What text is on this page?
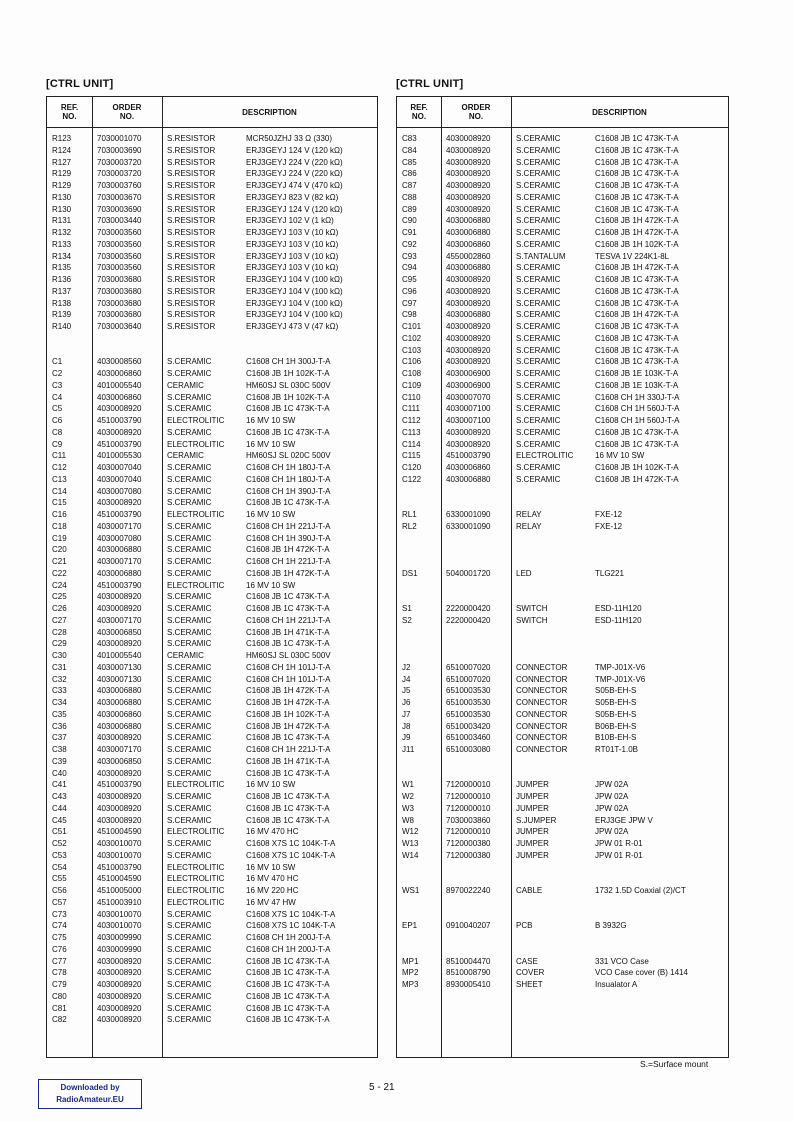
[CTRL UNIT]
REF.
NO.
ORDER
NO.	DESCRIPTION
R123	7030001070	S.RESISTOR	MCR50JZHJ 33 Ω (330)
R124	7030003690	S.RESISTOR	ERJ3GEYJ 124 V (120 kΩ)
R127	7030003720	S.RESISTOR	ERJ3GEYJ 224 V (220 kΩ)
R129	7030003720	S.RESISTOR	ERJ3GEYJ 224 V (220 kΩ)
R129	7030003760	S.RESISTOR	ERJ3GEYJ 474 V (470 kΩ)
R130	7030003670	S.RESISTOR	ERJ3GEYJ 823 V (82 kΩ)
R130	7030003690	S.RESISTOR	ERJ3GEYJ 124 V (120 kΩ)
R131	7030003440	S.RESISTOR	ERJ3GEYJ 102 V (1 kΩ)
R132	7030003560	S.RESISTOR	ERJ3GEYJ 103 V (10 kΩ)
R133	7030003560	S.RESISTOR	ERJ3GEYJ 103 V (10 kΩ)
R134	7030003560	S.RESISTOR	ERJ3GEYJ 103 V (10 kΩ)
R135	7030003560	S.RESISTOR	ERJ3GEYJ 103 V (10 kΩ)
R136	7030003680	S.RESISTOR	ERJ3GEYJ 104 V (100 kΩ)
R137	7030003680	S.RESISTOR	ERJ3GEYJ 104 V (100 kΩ)
R138	7030003680	S.RESISTOR	ERJ3GEYJ 104 V (100 kΩ)
R139	7030003680	S.RESISTOR	ERJ3GEYJ 104 V (100 kΩ)
R140	7030003640	S.RESISTOR	ERJ3GEYJ 473 V (47 kΩ)
C1	4030008560	S.CERAMIC	C1608 CH 1H 300J-T-A
C2	4030006860	S.CERAMIC	C1608 JB 1H 102K-T-A
C3	4010005540	CERAMIC	HM60SJ SL 030C 500V
C4	4030006860	S.CERAMIC	C1608 JB 1H 102K-T-A
C5	4030008920	S.CERAMIC	C1608 JB 1C 473K-T-A
C6	4510003790	ELECTROLITIC	16 MV 10 SW
C8	4030008920	S.CERAMIC	C1608 JB 1C 473K-T-A
C9	4510003790	ELECTROLITIC	16 MV 10 SW
C11	4010005530	CERAMIC	HM60SJ SL 020C 500V
C12	4030007040	S.CERAMIC	C1608 CH 1H 180J-T-A
C13	4030007040	S.CERAMIC	C1608 CH 1H 180J-T-A
C14	4030007080	S.CERAMIC	C1608 CH 1H 390J-T-A
C15	4030008920	S.CERAMIC	C1608 JB 1C 473K-T-A
C16	4510003790	ELECTROLITIC	16 MV 10 SW
C18	4030007170	S.CERAMIC	C1608 CH 1H 221J-T-A
C19	4030007080	S.CERAMIC	C1608 CH 1H 390J-T-A
C20	4030006880	S.CERAMIC	C1608 JB 1H 472K-T-A
C21	4030007170	S.CERAMIC	C1608 CH 1H 221J-T-A
C22	4030006880	S.CERAMIC	C1608 JB 1H 472K-T-A
C24	4510003790	ELECTROLITIC	16 MV 10 SW
C25	4030008920	S.CERAMIC	C1608 JB 1C 473K-T-A
C26	4030008920	S.CERAMIC	C1608 JB 1C 473K-T-A
C27	4030007170	S.CERAMIC	C1608 CH 1H 221J-T-A
C28	4030006850	S.CERAMIC	C1608 JB 1H 471K-T-A
C29	4030008920	S.CERAMIC	C1608 JB 1C 473K-T-A
C30	4010005540	CERAMIC	HM60SJ SL 030C 500V
C31	4030007130	S.CERAMIC	C1608 CH 1H 101J-T-A
C32	4030007130	S.CERAMIC	C1608 CH 1H 101J-T-A
C33	4030006880	S.CERAMIC	C1608 JB 1H 472K-T-A
C34	4030006880	S.CERAMIC	C1608 JB 1H 472K-T-A
C35	4030006860	S.CERAMIC	C1608 JB 1H 102K-T-A
C36	4030006880	S.CERAMIC	C1608 JB 1H 472K-T-A
C37	4030008920	S.CERAMIC	C1608 JB 1C 473K-T-A
C38	4030007170	S.CERAMIC	C1608 CH 1H 221J-T-A
C39	4030006850	S.CERAMIC	C1608 JB 1H 471K-T-A
C40	4030008920	S.CERAMIC	C1608 JB 1C 473K-T-A
C41	4510003790	ELECTROLITIC	16 MV 10 SW
C43	4030008920	S.CERAMIC	C1608 JB 1C 473K-T-A
C44	4030008920	S.CERAMIC	C1608 JB 1C 473K-T-A
C45	4030008920	S.CERAMIC	C1608 JB 1C 473K-T-A
C51	4510004590	ELECTROLITIC	16 MV 470 HC
C52	4030010070	S.CERAMIC	C1608 X7S 1C 104K-T-A
C53	4030010070	S.CERAMIC	C1608 X7S 1C 104K-T-A
C54	4510003790	ELECTROLITIC	16 MV 10 SW
C55	4510004590	ELECTROLITIC	16 MV 470 HC
C56	4510005000	ELECTROLITIC	16 MV 220 HC
C57	4510003910	ELECTROLITIC	16 MV 47 HW
C73	4030010070	S.CERAMIC	C1608 X7S 1C 104K-T-A
C74	4030010070	S.CERAMIC	C1608 X7S 1C 104K-T-A
C75	4030009990	S.CERAMIC	C1608 CH 1H 200J-T-A
C76	4030009990	S.CERAMIC	C1608 CH 1H 200J-T-A
C77	4030008920	S.CERAMIC	C1608 JB 1C 473K-T-A
C78	4030008920	S.CERAMIC	C1608 JB 1C 473K-T-A
C79	4030008920	S.CERAMIC	C1608 JB 1C 473K-T-A
C80	4030008920	S.CERAMIC	C1608 JB 1C 473K-T-A
C81	4030008920	S.CERAMIC	C1608 JB 1C 473K-T-A
C82	4030008920	S.CERAMIC	C1608 JB 1C 473K-T-A
[CTRL UNIT]
REF.
NO.
ORDER
NO.	DESCRIPTION
C83	4030008920	S.CERAMIC	C1608 JB 1C 473K-T-A
C84	4030008920	S.CERAMIC	C1608 JB 1C 473K-T-A
C85	4030008920	S.CERAMIC	C1608 JB 1C 473K-T-A
C86	4030008920	S.CERAMIC	C1608 JB 1C 473K-T-A
C87	4030008920	S.CERAMIC	C1608 JB 1C 473K-T-A
C88	4030008920	S.CERAMIC	C1608 JB 1C 473K-T-A
C89	4030008920	S.CERAMIC	C1608 JB 1C 473K-T-A
C90	4030006880	S.CERAMIC	C1608 JB 1H 472K-T-A
C91	4030006880	S.CERAMIC	C1608 JB 1H 472K-T-A
C92	4030006860	S.CERAMIC	C1608 JB 1H 102K-T-A
C93	4550002860	S.TANTALUM	TESVA 1V 224K1-8L
C94	4030006880	S.CERAMIC	C1608 JB 1H 472K-T-A
C95	4030008920	S.CERAMIC	C1608 JB 1C 473K-T-A
C96	4030008920	S.CERAMIC	C1608 JB 1C 473K-T-A
C97	4030008920	S.CERAMIC	C1608 JB 1C 473K-T-A
C98	4030006880	S.CERAMIC	C1608 JB 1H 472K-T-A
C101	4030008920	S.CERAMIC	C1608 JB 1C 473K-T-A
C102	4030008920	S.CERAMIC	C1608 JB 1C 473K-T-A
C103	4030008920	S.CERAMIC	C1608 JB 1C 473K-T-A
C106	4030008920	S.CERAMIC	C1608 JB 1C 473K-T-A
C108	4030006900	S.CERAMIC	C1608 JB 1E 103K-T-A
C109	4030006900	S.CERAMIC	C1608 JB 1E 103K-T-A
C110	4030007070	S.CERAMIC	C1608 CH 1H 330J-T-A
C111	4030007100	S.CERAMIC	C1608 CH 1H 560J-T-A
C112	4030007100	S.CERAMIC	C1608 CH 1H 560J-T-A
C113	4030008920	S.CERAMIC	C1608 JB 1C 473K-T-A
C114	4030008920	S.CERAMIC	C1608 JB 1C 473K-T-A
C115	4510003790	ELECTROLITIC	16 MV 10 SW
C120	4030006860	S.CERAMIC	C1608 JB 1H 102K-T-A
C122	4030006880	S.CERAMIC	C1608 JB 1H 472K-T-A
RL1	6330001090	RELAY	FXE-12
RL2	6330001090	RELAY	FXE-12
DS1	5040001720	LED	TLG221
S1	2220000420	SWITCH	ESD-11H120
S2	2220000420	SWITCH	ESD-11H120
J2	6510007020	CONNECTOR	TMP-J01X-V6
J4	6510007020	CONNECTOR	TMP-J01X-V6
J5	6510003530	CONNECTOR	S05B-EH-S
J6	6510003530	CONNECTOR	S05B-EH-S
J7	6510003530	CONNECTOR	S05B-EH-S
J8	6510003420	CONNECTOR	B06B-EH-S
J9	6510003460	CONNECTOR	B10B-EH-S
J11	6510003080	CONNECTOR	RT01T-1.0B
W1	7120000010	JUMPER	JPW 02A
W2	7120000010	JUMPER	JPW 02A
W3	7120000010	JUMPER	JPW 02A
W8	7030003860	S.JUMPER	ERJ3GE JPW V
W12	7120000010	JUMPER	JPW 02A
W13	7120000380	JUMPER	JPW 01 R-01
W14	7120000380	JUMPER	JPW 01 R-01
WS1	8970022240	CABLE	1732 1.5D Coaxial (2)/CT
EP1	0910040207	PCB	B 3932G
MP1	8510004470	CASE	331 VCO Case
MP2	8510008790	COVER	VCO Case cover (B) 1414
MP3	8930005410	SHEET	Insualator A
S.=Surface mount
5 - 21
Downloaded by
RadioAmateur.EU
